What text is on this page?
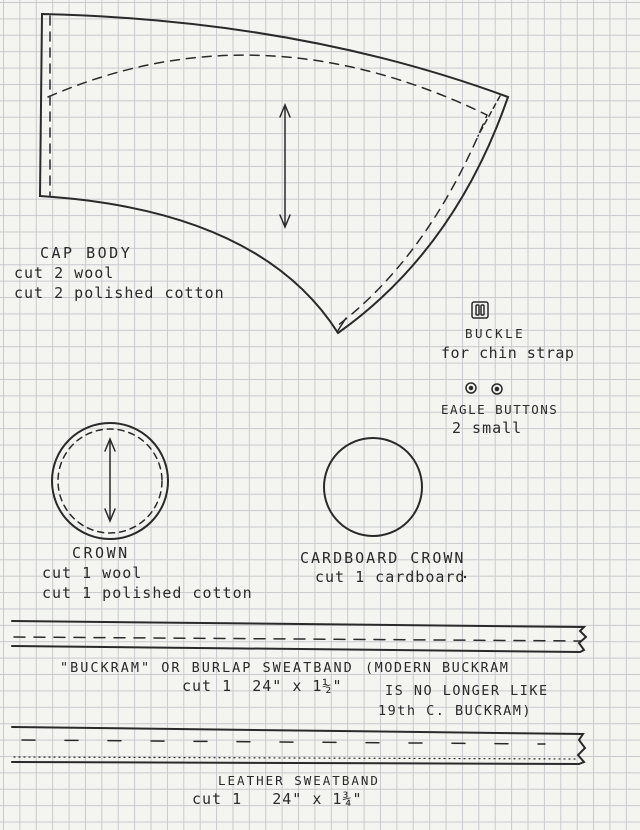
CAP BODY
cut 2 wool
cut 2 polished cotton
BUCKLE
for chin strap
EAGLE BUTTONS
2 small
CROWN
cut 1 wool
cut 1 polished cotton
CARDBOARD CROWN
cut 1 cardboard
"BUCKRAM" OR BURLAP SWEATBAND
cut 1  24" x 1½"
(MODERN BUCKRAM
IS NO LONGER LIKE
19th C. BUCKRAM)
LEATHER SWEATBAND
cut 1   24" x 1¾"
